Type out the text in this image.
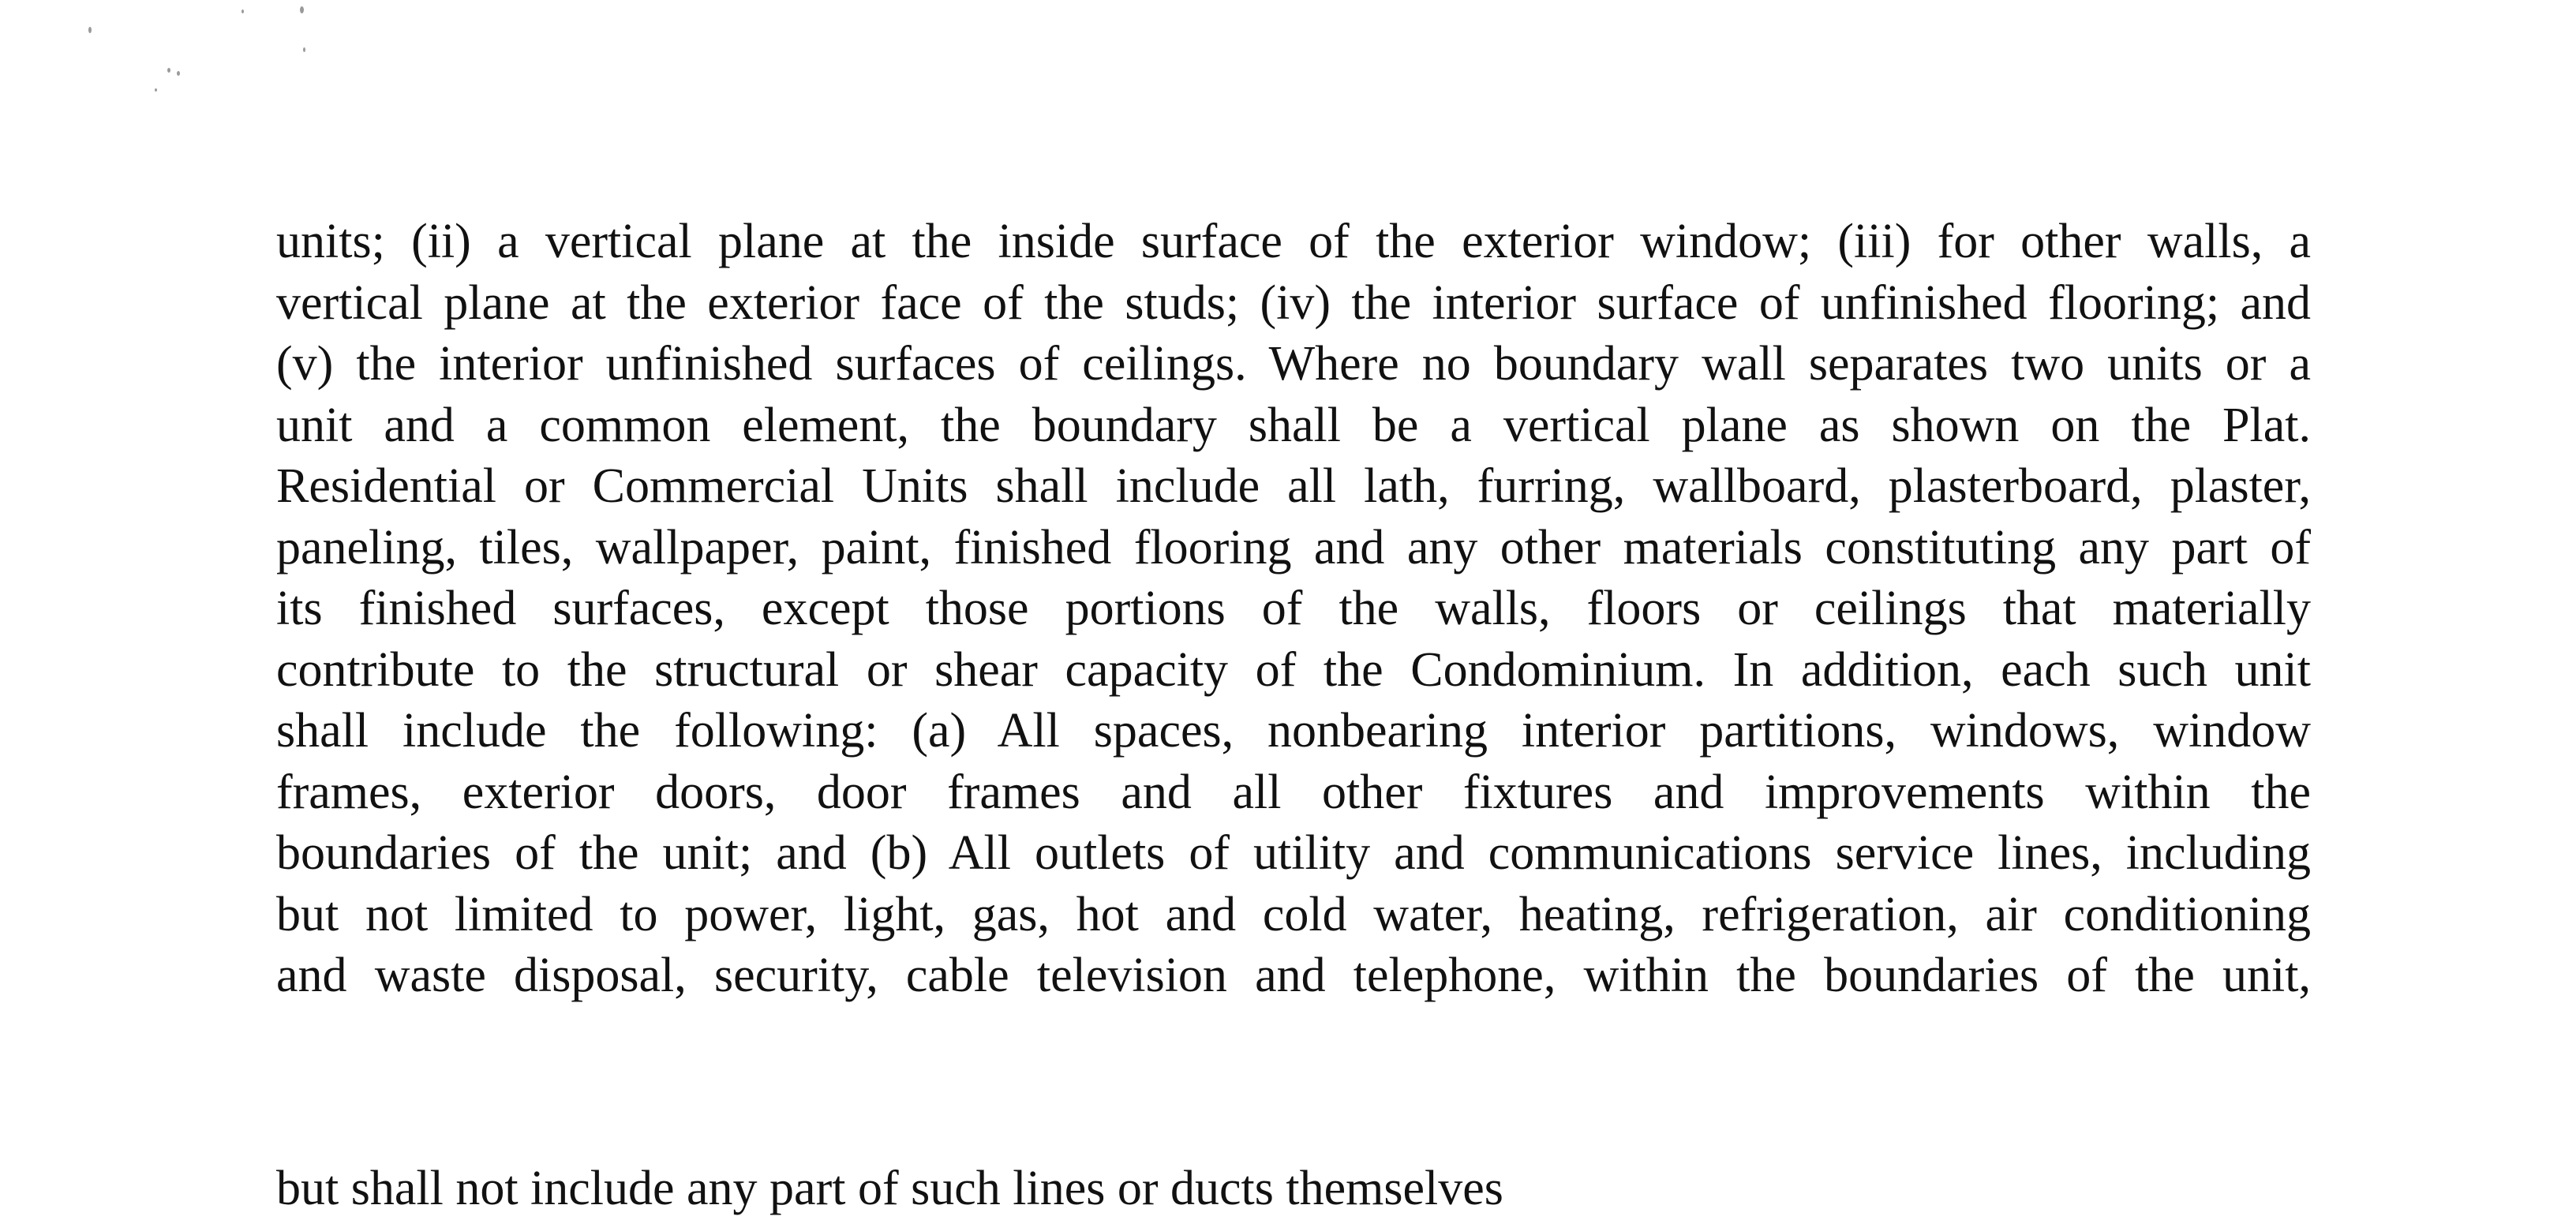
units; (ii) a vertical plane at the inside surface of the exterior window; (iii) for other walls, a
vertical plane at the exterior face of the studs; (iv) the interior surface of unfinished flooring; and
(v) the interior unfinished surfaces of ceilings. Where no boundary wall separates two units or a
unit and a common element, the boundary shall be a vertical plane as shown on the Plat.
Residential or Commercial Units shall include all lath, furring, wallboard, plasterboard, plaster,
paneling, tiles, wallpaper, paint, finished flooring and any other materials constituting any part of
its finished surfaces, except those portions of the walls, floors or ceilings that materially
contribute to the structural or shear capacity of the Condominium. In addition, each such unit
shall include the following: (a) All spaces, nonbearing interior partitions, windows, window
frames, exterior doors, door frames and all other fixtures and improvements within the
boundaries of the unit; and (b) All outlets of utility and communications service lines, including
but not limited to power, light, gas, hot and cold water, heating, refrigeration, air conditioning
and waste disposal, security, cable television and telephone, within the boundaries of the unit,
but shall not include any part of such lines or ducts themselves
